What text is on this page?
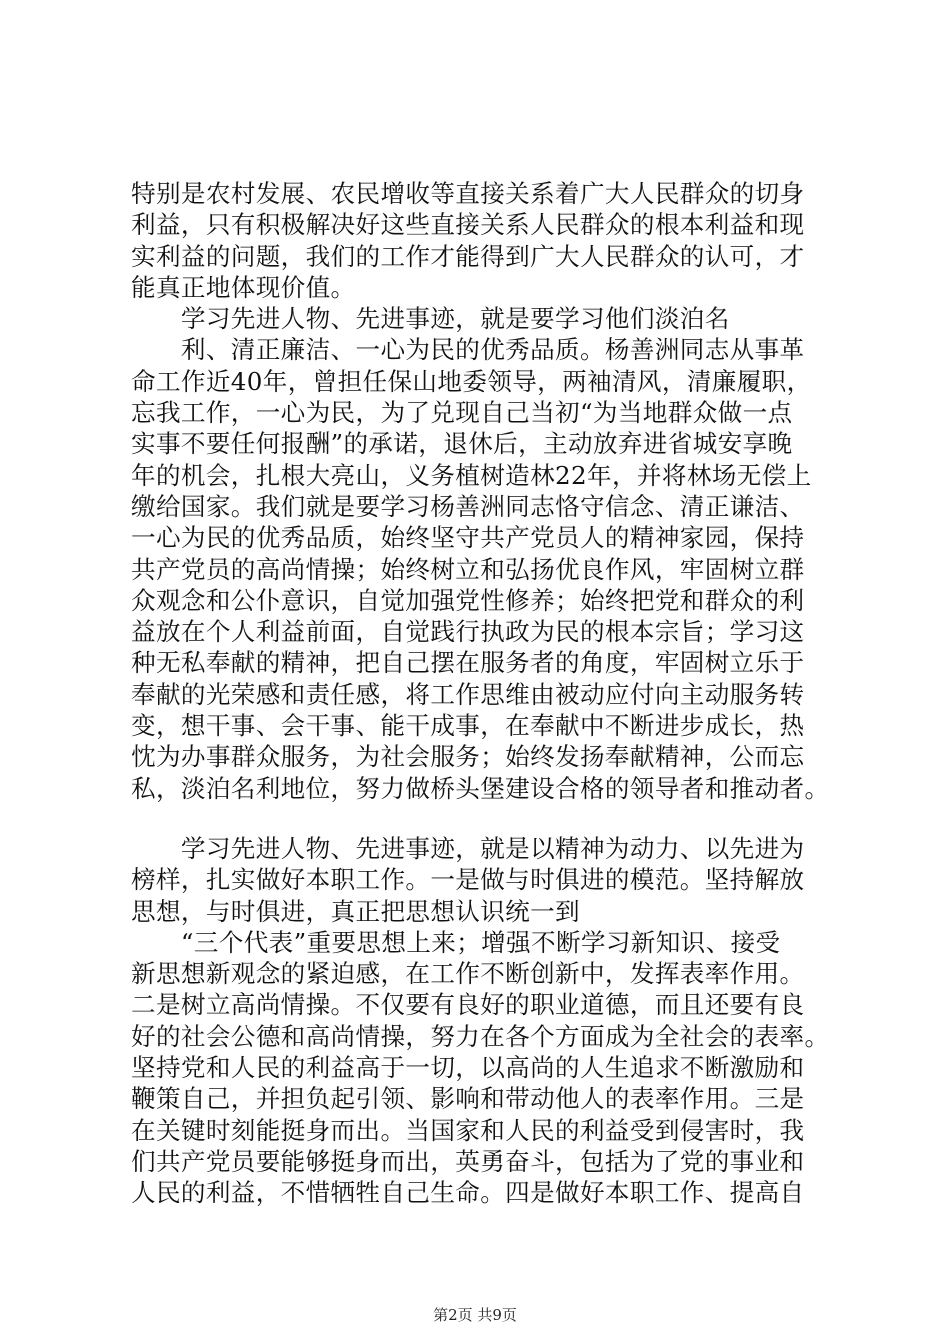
特别是农村发展、农民增收等直接关系着广大人民群众的切身
利益，只有积极解决好这些直接关系人民群众的根本利益和现
实利益的问题，我们的工作才能得到广大人民群众的认可，才
能真正地体现价值。
　　学习先进人物、先进事迹，就是要学习他们淡泊名
　　利、清正廉洁、一心为民的优秀品质。杨善洲同志从事革
命工作近40年，曾担任保山地委领导，两袖清风，清廉履职，
忘我工作，一心为民，为了兑现自己当初“为当地群众做一点
实事不要任何报酬”的承诺，退休后，主动放弃进省城安享晚
年的机会，扎根大亮山，义务植树造林22年，并将林场无偿上
缴给国家。我们就是要学习杨善洲同志恪守信念、清正谦洁、
一心为民的优秀品质，始终坚守共产党员人的精神家园，保持
共产党员的高尚情操；始终树立和弘扬优良作风，牢固树立群
众观念和公仆意识，自觉加强党性修养；始终把党和群众的利
益放在个人利益前面，自觉践行执政为民的根本宗旨；学习这
种无私奉献的精神，把自己摆在服务者的角度，牢固树立乐于
奉献的光荣感和责任感，将工作思维由被动应付向主动服务转
变，想干事、会干事、能干成事，在奉献中不断进步成长，热
忱为办事群众服务，为社会服务；始终发扬奉献精神，公而忘
私，淡泊名利地位，努力做桥头堡建设合格的领导者和推动者。
　　学习先进人物、先进事迹，就是以精神为动力、以先进为
榜样，扎实做好本职工作。一是做与时俱进的模范。坚持解放
思想，与时俱进，真正把思想认识统一到
　　“三个代表”重要思想上来；增强不断学习新知识、接受
新思想新观念的紧迫感，在工作不断创新中，发挥表率作用。
二是树立高尚情操。不仅要有良好的职业道德，而且还要有良
好的社会公德和高尚情操，努力在各个方面成为全社会的表率。
坚持党和人民的利益高于一切，以高尚的人生追求不断激励和
鞭策自己，并担负起引领、影响和带动他人的表率作用。三是
在关键时刻能挺身而出。当国家和人民的利益受到侵害时，我
们共产党员要能够挺身而出，英勇奋斗，包括为了党的事业和
人民的利益，不惜牺牲自己生命。四是做好本职工作、提高自
第2页 共9页
